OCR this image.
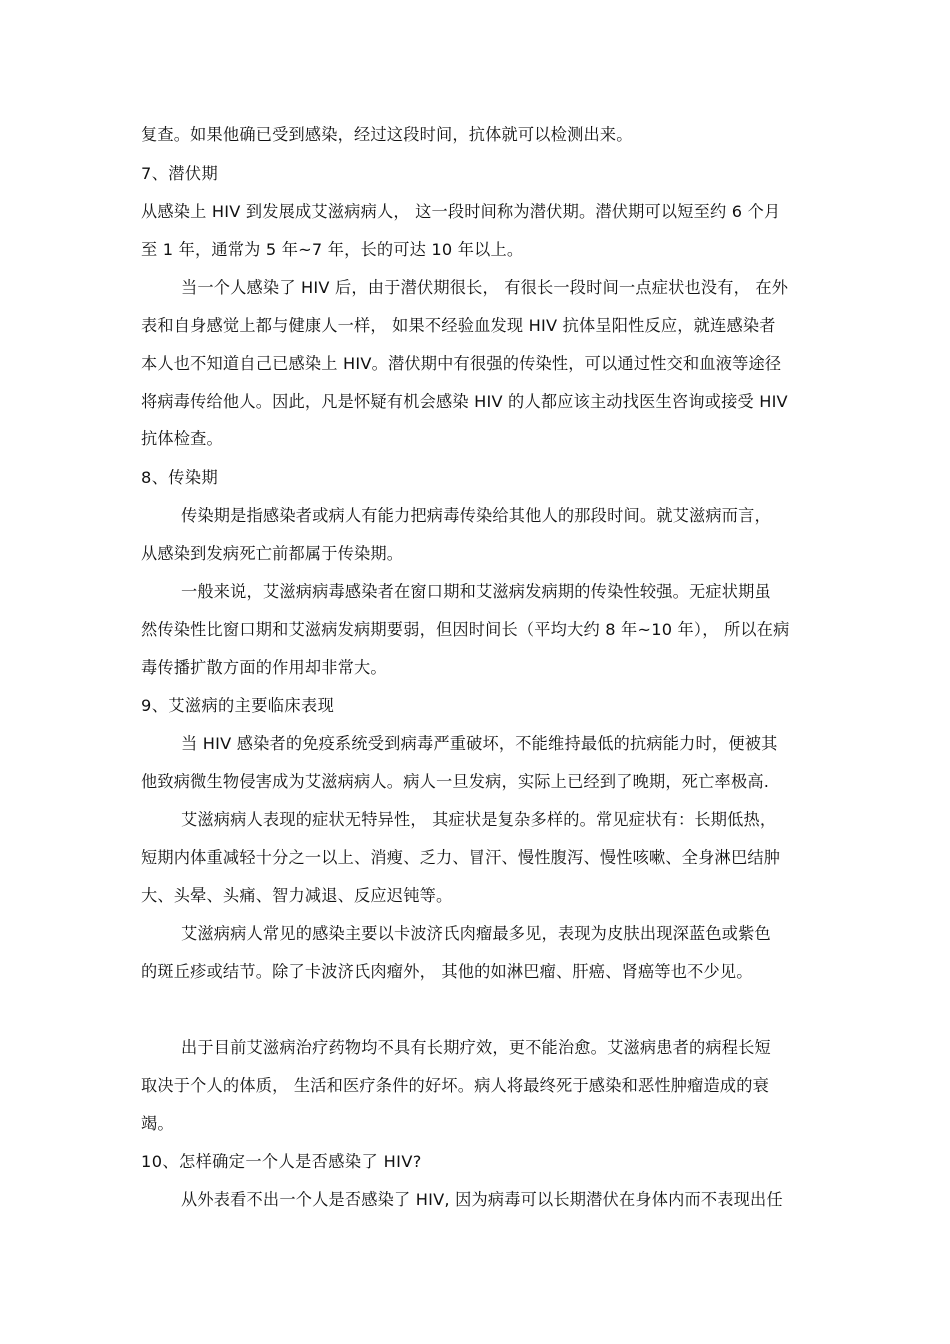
复查。如果他确已受到感染，经过这段时间，抗体就可以检测出来。
7、潜伏期
从感染上 HIV 到发展成艾滋病病人， 这一段时间称为潜伏期。潜伏期可以短至约 6 个月
至 1 年，通常为 5 年~7 年，长的可达 10 年以上。
当一个人感染了 HIV 后，由于潜伏期很长， 有很长一段时间一点症状也没有， 在外
表和自身感觉上都与健康人一样， 如果不经验血发现 HIV 抗体呈阳性反应，就连感染者
本人也不知道自己已感染上 HIV。潜伏期中有很强的传染性，可以通过性交和血液等途径
将病毒传给他人。因此，凡是怀疑有机会感染 HIV 的人都应该主动找医生咨询或接受 HIV
抗体检查。
8、传染期
传染期是指感染者或病人有能力把病毒传染给其他人的那段时间。就艾滋病而言，
从感染到发病死亡前都属于传染期。
一般来说，艾滋病病毒感染者在窗口期和艾滋病发病期的传染性较强。无症状期虽
然传染性比窗口期和艾滋病发病期要弱，但因时间长（平均大约 8 年~10 年）， 所以在病
毒传播扩散方面的作用却非常大。
9、艾滋病的主要临床表现
当 HIV 感染者的免疫系统受到病毒严重破坏，不能维持最低的抗病能力时，便被其
他致病微生物侵害成为艾滋病病人。病人一旦发病，实际上已经到了晚期，死亡率极高.
艾滋病病人表现的症状无特异性， 其症状是复杂多样的。常见症状有：长期低热，
短期内体重减轻十分之一以上、消瘦、乏力、冒汗、慢性腹泻、慢性咳嗽、全身淋巴结肿
大、头晕、头痛、智力减退、反应迟钝等。
艾滋病病人常见的感染主要以卡波济氏肉瘤最多见，表现为皮肤出现深蓝色或紫色
的斑丘疹或结节。除了卡波济氏肉瘤外， 其他的如淋巴瘤、肝癌、肾癌等也不少见。
出于目前艾滋病治疗药物均不具有长期疗效，更不能治愈。艾滋病患者的病程长短
取决于个人的体质， 生活和医疗条件的好坏。病人将最终死于感染和恶性肿瘤造成的衰
竭。
10、怎样确定一个人是否感染了 HIV?
从外表看不出一个人是否感染了 HIV, 因为病毒可以长期潜伏在身体内而不表现出任
